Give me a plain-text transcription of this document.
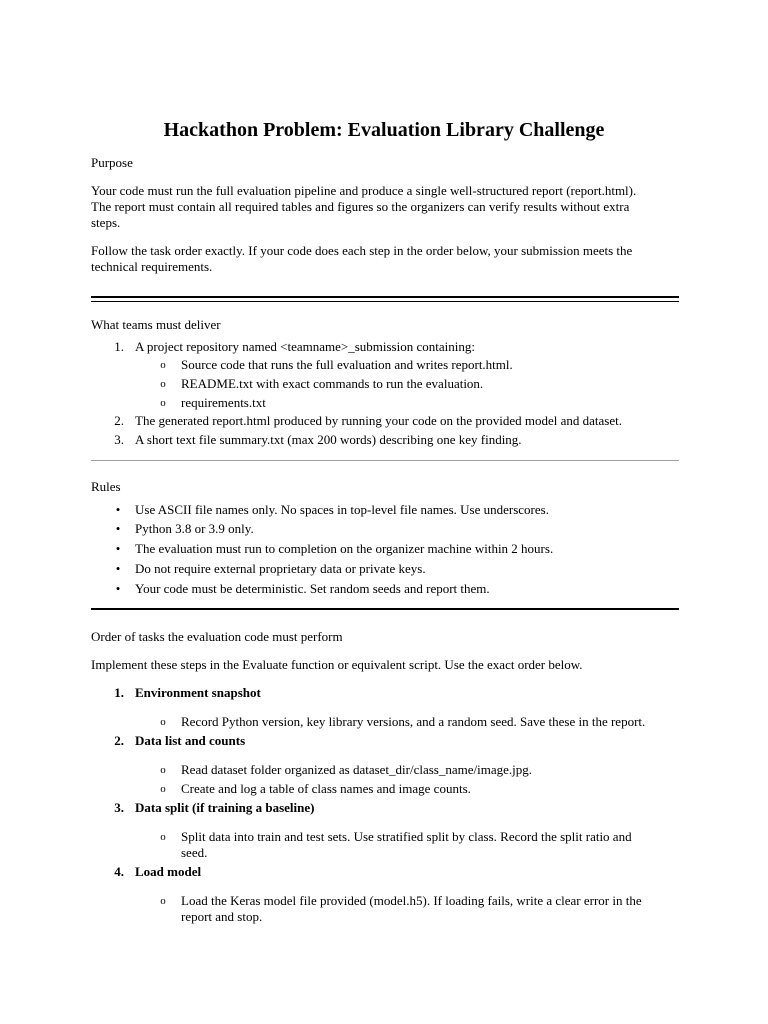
Hackathon Problem: Evaluation Library Challenge
Purpose
Your code must run the full evaluation pipeline and produce a single well-structured report (report.html).
The report must contain all required tables and figures so the organizers can verify results without extra
steps.
Follow the task order exactly. If your code does each step in the order below, your submission meets the
technical requirements.
What teams must deliver
1. A project repository named <teamname>_submission containing:
o	Source code that runs the full evaluation and writes report.html.
o	README.txt with exact commands to run the evaluation.
o	requirements.txt
2. The generated report.html produced by running your code on the provided model and dataset.
3. A short text file summary.txt (max 200 words) describing one key finding.
Rules
•	Use ASCII file names only. No spaces in top-level file names. Use underscores.
•	Python 3.8 or 3.9 only.
•	The evaluation must run to completion on the organizer machine within 2 hours.
•	Do not require external proprietary data or private keys.
•	Your code must be deterministic. Set random seeds and report them.
Order of tasks the evaluation code must perform
Implement these steps in the Evaluate function or equivalent script. Use the exact order below.
1. Environment snapshot
o	Record Python version, key library versions, and a random seed. Save these in the report.
2. Data list and counts
o	Read dataset folder organized as dataset_dir/class_name/image.jpg.
o	Create and log a table of class names and image counts.
3. Data split (if training a baseline)
o	Split data into train and test sets. Use stratified split by class. Record the split ratio and
seed.
4. Load model
o	Load the Keras model file provided (model.h5). If loading fails, write a clear error in the
report and stop.
